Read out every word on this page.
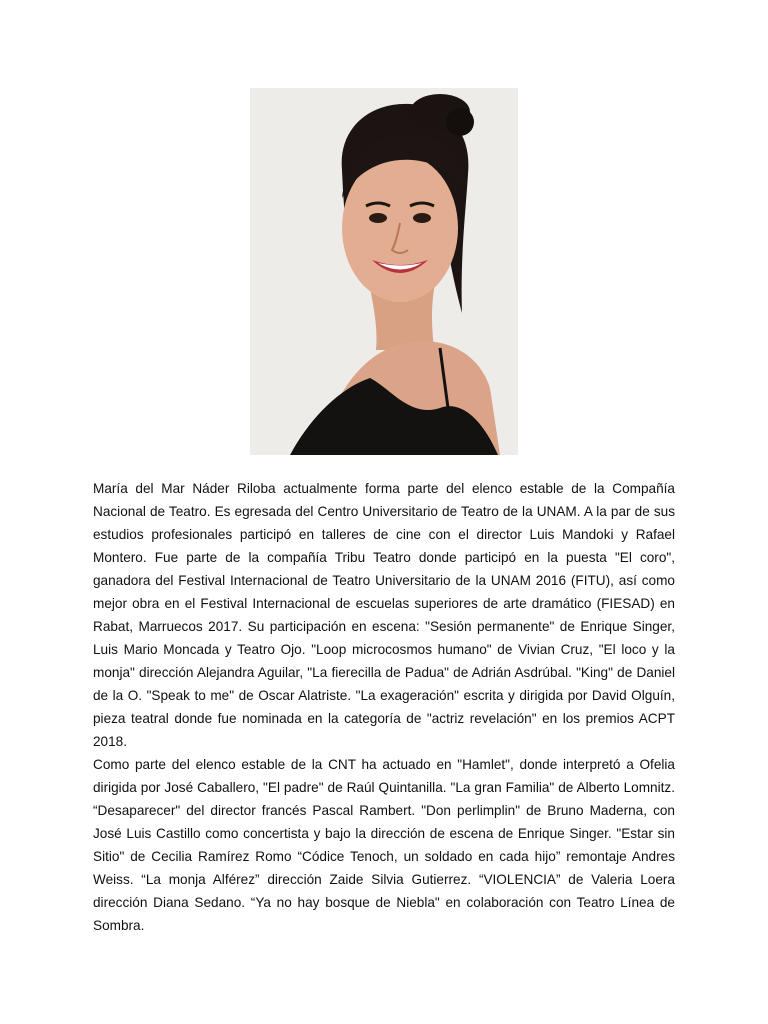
María del Mar Náder Riloba actualmente forma parte del elenco estable de la Compañía Nacional de Teatro. Es egresada del Centro Universitario de Teatro de la UNAM. A la par de sus estudios profesionales participó en talleres de cine con el director Luis Mandoki y Rafael Montero. Fue parte de la compañía Tribu Teatro donde participó en la puesta "El coro", ganadora del Festival Internacional de Teatro Universitario de la UNAM 2016 (FITU), así como mejor obra en el Festival Internacional de escuelas superiores de arte dramático (FIESAD) en Rabat, Marruecos 2017. Su participación en escena: "Sesión permanente" de Enrique Singer, Luis Mario Moncada y Teatro Ojo. "Loop microcosmos humano" de Vivian Cruz, "El loco y la monja" dirección Alejandra Aguilar, "La fierecilla de Padua" de Adrián Asdrúbal. "King" de Daniel de la O. "Speak to me" de Oscar Alatriste. "La exageración" escrita y dirigida por David Olguín, pieza teatral donde fue nominada en la categoría de "actriz revelación" en los premios ACPT 2018.

Como parte del elenco estable de la CNT ha actuado en "Hamlet", donde interpretó a Ofelia dirigida por José Caballero, "El padre" de Raúl Quintanilla. "La gran Familia" de Alberto Lomnitz. “Desaparecer" del director francés Pascal Rambert. "Don perlimplin" de Bruno Maderna, con José Luis Castillo como concertista y bajo la dirección de escena de Enrique Singer. "Estar sin Sitio" de Cecilia Ramírez Romo “Códice Tenoch, un soldado en cada hijo” remontaje Andres Weiss. “La monja Alférez” dirección Zaide Silvia Gutierrez. “VIOLENCIA” de Valeria Loera dirección Diana Sedano. “Ya no hay bosque de Niebla" en colaboración con Teatro Línea de Sombra.
